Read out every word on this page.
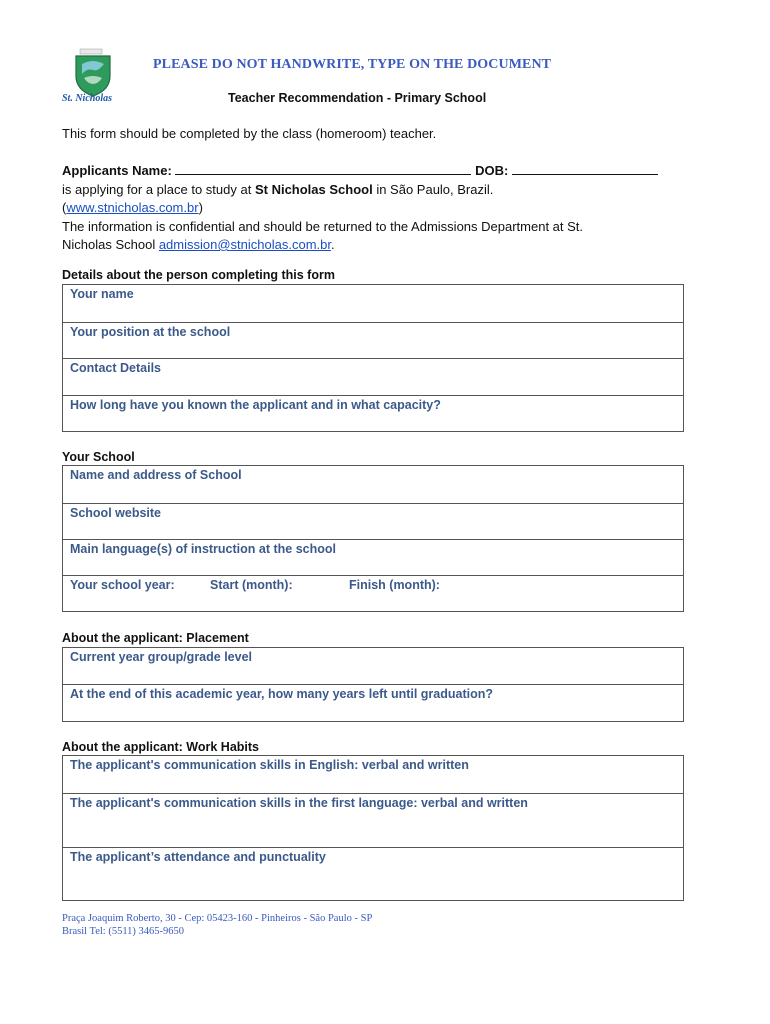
St. Nicholas
PLEASE DO NOT HANDWRITE, TYPE ON THE DOCUMENT
Teacher Recommendation - Primary School
This form should be completed by the class (homeroom) teacher.
Applicants Name:	DOB:
is applying for a place to study at St Nicholas School in São Paulo, Brazil.
(www.stnicholas.com.br)
The information is confidential and should be returned to the Admissions Department at St.
Nicholas School admission@stnicholas.com.br.
Details about the person completing this form
Your name
Your position at the school
Contact Details
How long have you known the applicant and in what capacity?
Your School
Name and address of School
School website
Main language(s) of instruction at the school
Your school year:	Start (month):	Finish (month):
About the applicant: Placement
Current year group/grade level
At the end of this academic year, how many years left until graduation?
About the applicant: Work Habits
The applicant's communication skills in English: verbal and written
The applicant's communication skills in the first language: verbal and written
The applicant’s attendance and punctuality
Praça Joaquim Roberto, 30 - Cep: 05423-160 - Pinheiros - São Paulo - SP
Brasil Tel: (5511) 3465-9650
